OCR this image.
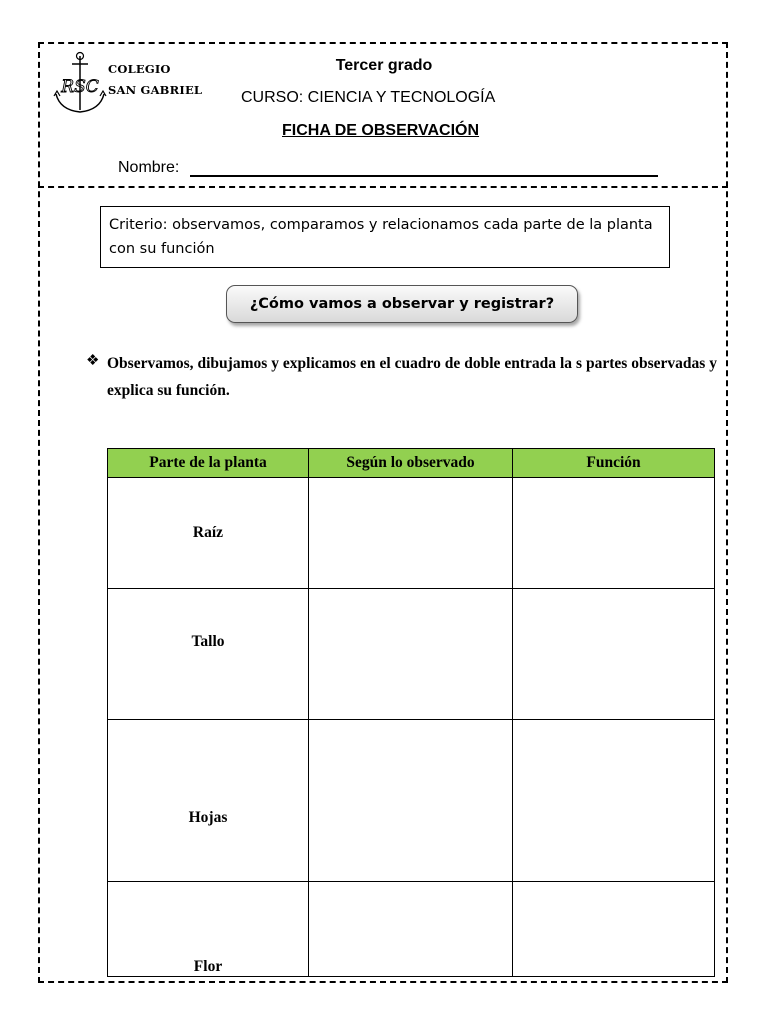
RSC
COLEGIO
SAN GABRIEL
Tercer grado
CURSO: CIENCIA Y TECNOLOGÍA
FICHA DE OBSERVACIÓN
Nombre:
Criterio: observamos, comparamos y relacionamos cada parte de la planta con su función
¿Cómo vamos a observar y registrar?
❖ Observamos, dibujamos y explicamos en el cuadro de doble entrada la s partes observadas y explica su función.
Parte de la planta	Según lo observado	Función
Raíz		
Tallo		
Hojas		
Flor		
